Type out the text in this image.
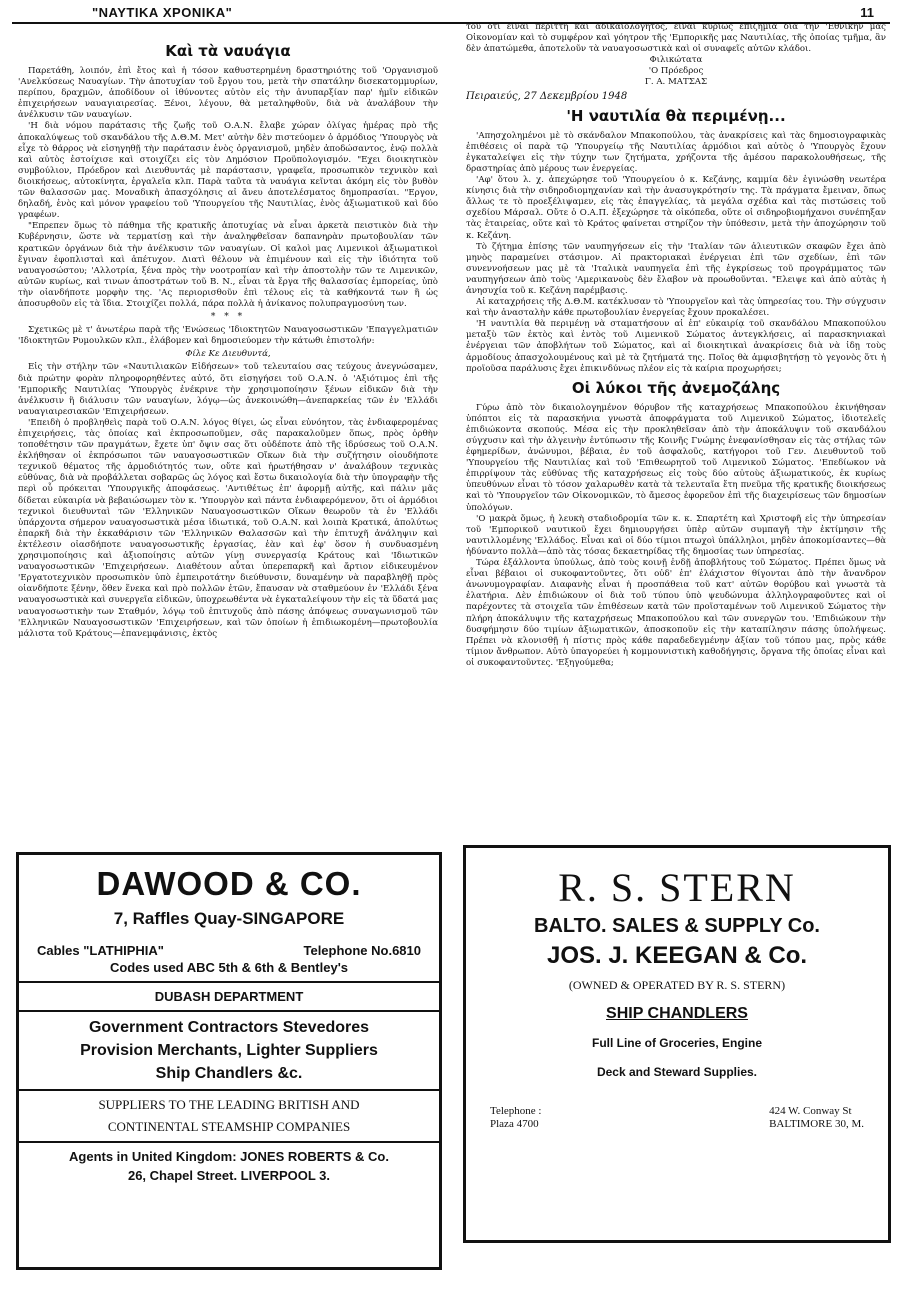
"ΝΑΥΤΙΚΑ ΧΡΟΝΙΚΑ"	11
Καὶ τὰ ναυάγια

Παρετάθη, λοιπόν, ἐπὶ ἔτος καὶ ἡ τόσον καθυστερημένη δραστηριότης τοῦ 'Οργανισμοῦ 'Ανελκύσεως Ναυαγίων. Τὴν ἀποτυχίαν τοῦ ἔργου του, μετὰ τὴν σπατάλην δισεκατομμυρίων, περίπου, δραχμῶν, ἀποδίδουν οἱ ἰθύνοντες αὐτὸν εἰς τὴν ἀνυπαρξίαν παρ' ἡμῖν εἰδικῶν ἐπιχειρήσεων ναυαγιαιρεσίας. Ξένοι, λέγουν, θὰ μεταληφθοῦν, διὰ νὰ ἀναλάβουν τὴν ἀνέλκυσιν τῶν ναυαγίων.

'Η διὰ νόμου παράτασις τῆς ζωῆς τοῦ Ο.Α.Ν. ἔλαβε χώραν ὀλίγας ἡμέρας πρὸ τῆς ἀποκαλύψεως τοῦ σκανδάλου τῆς Δ.Θ.Μ. Μετ' αὐτὴν δὲν πιστεύομεν ὁ ἁρμόδιος 'Υπουργὸς νὰ εἶχε τὸ θάρρος νὰ εἰσηγηθῇ τὴν παράτασιν ἑνὸς ὀργανισμοῦ, μηδὲν ἀποδώσαντος, ἐνῷ πολλὰ καὶ αὐτὸς ἐστοίχισε καὶ στοιχίζει εἰς τὸν Δημόσιον Προϋπολογισμόν. "Εχει διοικητικὸν συμβούλιον, Πρόεδρον καὶ Διευθυντάς μὲ παράστασιν, γραφεῖα, προσωπικὸν τεχνικὸν καὶ διοικήσεως, αὐτοκίνητα, ἐργαλεῖα κλπ. Παρὰ ταῦτα τὰ ναυάγια κεῖνται ἀκόμη εἰς τὸν βυθὸν τῶν θαλασσῶν μας. Μοναδικὴ ἀπασχόλησις αἱ ἄνευ ἀποτελέσματος δημοπρασίαι. "Εργον, δηλαδή, ἑνὸς καὶ μόνον γραφείου τοῦ 'Υπουργείου τῆς Ναυτιλίας, ἑνὸς ἀξιωματικοῦ καὶ δύο γραφέων.

"Επρεπεν ὅμως τὸ πάθημα τῆς κρατικῆς ἀποτυχίας νὰ εἶναι ἀρκετὰ πειστικὸν διὰ τὴν Κυβέρνησιν, ὥστε νὰ τερματίσῃ καὶ τὴν ἀναληφθεῖσαν δαπανηρὰν πρωτοβουλίαν τῶν κρατικῶν ὀργάνων διὰ τὴν ἀνέλκυσιν τῶν ναυαγίων. Οἱ καλοὶ μας Λιμενικοὶ ἀξιωματικοὶ ἔγιναν ἐφοπλισταὶ καὶ ἀπέτυχον. Διατὶ θέλουν νὰ ἐπιμένουν καὶ εἰς τὴν ἰδιότητα τοῦ ναυαγοσώστου; 'Αλλοτρία, ξένα πρὸς τὴν νοοτροπίαν καὶ τὴν ἀποστολὴν τῶν τε Λιμενικῶν, αὐτῶν κυρίως, καὶ τινων ἀποστράτων τοῦ Β. Ν., εἶναι τὰ ἔργα τῆς θαλασσίας ἐμπορείας, ὑπὸ τὴν οἱανδήποτε μορφὴν της. 'Ας περιορισθοῦν ἐπὶ τέλους εἰς τὰ καθήκοντά των ἢ ὡς ἀποσυρθοῦν εἰς τὰ ἴδια. Στοιχίζει πολλά, πάρα πολλὰ ἡ ἀνίκανος πολυπραγμοσύνη των.

* * *

Σχετικῶς μὲ τ' ἀνωτέρω παρὰ τῆς 'Ενώσεως 'Ιδιοκτητῶν Ναυαγοσωστικῶν 'Επαγγελματιῶν 'Ιδιοκτητῶν Ρυμουλκῶν κλπ., ἐλάβομεν καὶ δημοσιεύομεν τὴν κάτωθι ἐπιστολήν:

Φίλε Κε Διευθυντά,

Εἰς τὴν στήλην τῶν «Ναυτιλιακῶν Εἰδήσεων» τοῦ τελευταίου σας τεύχους ἀνεγνώσαμεν, διὰ πρώτην φορὰν πληροφορηθέντες αὐτό, ὅτι εἰσηγήσει τοῦ Ο.Α.Ν. ὁ 'Αξιότιμος ἐπὶ τῆς 'Εμπορικῆς Ναυτιλίας 'Υπουργὸς ἐνέκρινε τὴν χρησιμοποίησιν ξένων εἰδικῶν διὰ τὴν ἀνέλκυσιν ἢ διάλυσιν τῶν ναυαγίων, λόγῳ—ὡς ἀνεκοινώθη—ἀνεπαρκείας τῶν ἐν 'Ελλάδι ναυαγιαιρεσιακῶν 'Επιχειρήσεων.

'Επειδὴ ὁ προβληθεὶς παρὰ τοῦ Ο.Α.Ν. λόγος θίγει, ὡς εἶναι εὐνόητον, τὰς ἐνδιαφερομένας ἐπιχειρήσεις, τὰς ὁποίας καὶ ἐκπροσωποῦμεν, σᾶς παρακαλοῦμεν ὅπως, πρὸς ὀρθὴν τοποθέτησιν τῶν πραγμάτων, ἔχετε ὑπ' ὄψιν σας ὅτι οὐδέποτε ἀπὸ τῆς ἱδρύσεως τοῦ Ο.Α.Ν. ἐκλήθησαν οἱ ἐκπρόσωποι τῶν ναυαγοσωστικῶν Οἴκων διὰ τὴν συζήτησιν οἱουδήποτε τεχνικοῦ θέματος τῆς ἁρμοδιότητός των, οὔτε καὶ ἠρωτήθησαν ν' ἀναλάβουν τεχνικὰς εὐθύνας, διὰ νὰ προβάλλεται σοβαρῶς ὡς λόγος καὶ ἔστω δικαιολογία διὰ τὴν ὑπογραφὴν τῆς περὶ οὗ πρόκειται 'Υπουργικῆς ἀποφάσεως. 'Αντιθέτως ἐπ' ἀφορμῇ αὐτῆς, καὶ πάλιν μᾶς δίδεται εὐκαιρία νὰ βεβαιώσωμεν τὸν κ. 'Υπουργὸν καὶ πάντα ἐνδιαφερόμενον, ὅτι οἱ ἁρμόδιοι τεχνικοὶ διευθυνταὶ τῶν 'Ελληνικῶν Ναυαγοσωστικῶν Οἴκων θεωροῦν τὰ ἐν 'Ελλάδι ὑπάρχοντα σήμερον ναυαγοσωστικὰ μέσα ἰδιωτικά, τοῦ Ο.Α.Ν. καὶ λοιπὰ Κρατικά, ἀπολύτως ἐπαρκῆ διὰ τὴν ἐκκαθάρισιν τῶν 'Ελληνικῶν Θαλασσῶν καὶ τὴν ἐπιτυχῆ ἀνάληψιν καὶ ἐκτέλεσιν οἱασδήποτε ναυαγοσωστικῆς ἐργασίας, ἐὰν καὶ ἐφ' ὅσον ἡ συνδυασμένη χρησιμοποίησις καὶ ἀξιοποίησις αὐτῶν γίνῃ συνεργασίᾳ Κράτους καὶ 'Ιδιωτικῶν ναυαγοσωστικῶν 'Επιχειρήσεων. Διαθέτουν αὗται ὑπερεπαρκῆ καὶ ἄρτιον εἰδικευμένον 'Εργατοτεχνικὸν προσωπικὸν ὑπὸ ἐμπειροτάτην διεύθυνσιν, δυναμένην νὰ παραβληθῇ πρὸς οἱανδήποτε ξένην, ὅθεν ἕνεκα καὶ πρὸ πολλῶν ἐτῶν, ἔπαυσαν νὰ σταθμεύουν ἐν 'Ελλάδι ξένα ναυαγοσωστικὰ καὶ συνεργεῖα εἰδικῶν, ὑποχρεωθέντα νὰ ἐγκαταλείψουν τὴν εἰς τὰ ὕδατά μας ναυαγοσωστικὴν των Σταθμόν, λόγῳ τοῦ ἐπιτυχοῦς ἀπὸ πάσης ἀπόψεως συναγωνισμοῦ τῶν 'Ελληνικῶν Ναυαγοσωστικῶν 'Επιχειρήσεων, καὶ τῶν ὁποίων ἡ ἐπιδιωκομένη—πρωτοβουλία μάλιστα τοῦ Κράτους—ἐπανεμφάνισις, ἐκτὸς

τοῦ ὅτι εἶναι περιττὴ καὶ ἀδικαιολόγητος, εἶναι κυρίως ἐπιζημία διὰ τὴν 'Εθνικὴν μας Οἰκονομίαν καὶ τὸ συμφέρον καὶ γόητρον τῆς 'Εμπορικῆς μας Ναυτιλίας, τῆς ὁποίας τμῆμα, ἂν δὲν ἀπατώμεθα, ἀποτελοῦν τὰ ναυαγοσωστικὰ καὶ οἱ συναφεῖς αὐτῶν κλάδοι.

Φιλικώτατα
'Ο Πρόεδρος
Γ. Α. ΜΑΤΣΑΣ
Πειραιεύς, 27 Δεκεμβρίου 1948
'Η ναυτιλία θὰ περιμένῃ...

'Απησχολημένοι μὲ τὸ σκάνδαλον Μπακοπούλου, τὰς ἀνακρίσεις καὶ τὰς δημοσιογραφικὰς ἐπιθέσεις οἱ παρὰ τῷ 'Υπουργείῳ τῆς Ναυτιλίας ἁρμόδιοι καὶ αὐτὸς ὁ 'Υπουργὸς ἔχουν ἐγκαταλείψει εἰς τὴν τύχην των ζητήματα, χρήζοντα τῆς ἀμέσου παρακολουθήσεως, τῆς δραστηρίας ἀπὸ μέρους των ἐνεργείας.

'Αφ' ὅτου λ. χ. ἀπεχώρησε τοῦ 'Υπουργείου ὁ κ. Κεζάνης, καμμία δὲν ἐγινώσθη νεωτέρα κίνησις διὰ τὴν σιδηροδιομηχανίαν καὶ τὴν ἀνασυγκρότησίν της. Τὰ πράγματα ἔμειναν, ὅπως ἄλλως τε τὸ προεξέλιψαμεν, εἰς τὰς ἐπαγγελίας, τὰ μεγάλα σχέδια καὶ τὰς πιστώσεις τοῦ σχεδίου Μάρσαλ. Οὔτε ὁ Ο.Α.Π. ἐξεχώρησε τὰ οἰκόπεδα, οὔτε οἱ σιδηροβιομήχανοι συνέπηξαν τὰς ἑταιρείας, οὔτε καὶ τὸ Κράτος φαίνεται στηρίζον τὴν ὑπόθεσιν, μετὰ τὴν ἀποχώρησιν τοῦ κ. Κεζάνη.

Τὸ ζήτημα ἐπίσης τῶν ναυπηγήσεων εἰς τὴν 'Ιταλίαν τῶν ἁλιευτικῶν σκαφῶν ἔχει ἀπὸ μηνὸς παραμείνει στάσιμον. Αἱ πρακτοριακαὶ ἐνέργειαι ἐπὶ τῶν σχεδίων, ἐπὶ τῶν συνεννοήσεων μας μὲ τὰ 'Ιταλικὰ ναυπηγεῖα ἐπὶ τῆς ἐγκρίσεως τοῦ προγράμματος τῶν ναυπηγήσεων ἀπὸ τοὺς 'Αμερικανοὺς δὲν ἔλαβον νὰ προωθοῦνται. "Ελειψε καὶ ἀπὸ αὐτὰς ἡ ἀνησυχία τοῦ κ. Κεζάνη παρέμβασις.

Αἱ καταχρήσεις τῆς Δ.Θ.Μ. κατέκλυσαν τὸ 'Υπουργεῖον καὶ τὰς ὑπηρεσίας του. Τὴν σύγχυσιν καὶ τὴν ἀνασταλὴν κάθε πρωτοβουλίαν ἐνεργείας ἔχουν προκαλέσει.

'Η ναυτιλία θὰ περιμένῃ νὰ σταματήσουν αἱ ἐπ' εὐκαιρίᾳ τοῦ σκανδάλου Μπακοπούλου μεταξὺ τῶν ἐκτὸς καὶ ἐντὸς τοῦ Λιμενικοῦ Σώματος ἀντεγκλήσεις, αἱ παρασκηνιακαὶ ἐνέργειαι τῶν ἀποβλήτων τοῦ Σώματος, καὶ αἱ διοικητικαὶ ἀνακρίσεις διὰ νὰ ἰδῃ τοὺς ἁρμοδίους ἀπασχολουμένους καὶ μὲ τὰ ζητήματά της. Ποῖος θὰ ἀμφισβητήσῃ τὸ γεγονὸς ὅτι ἡ προϊοῦσα παράλυσις ἔχει ἐπικινδύνως πλέον εἰς τὰ καίρια προχωρήσει;

Οἱ λύκοι τῆς ἀνεμοζάλης

Γύρω ἀπὸ τὸν δικαιολογημένον θόρυβον τῆς καταχρήσεως Μπακοπούλου ἐκινήθησαν ὑπόπτοι εἰς τὰ παρασκήνια γνωστὰ ἀποφράγματα τοῦ Λιμενικοῦ Σώματος, ἰδιοτελεῖς ἐπιδιώκοντα σκοπούς. Μέσα εἰς τὴν προκληθεῖσαν ἀπὸ τὴν ἀποκάλυψιν τοῦ σκανδάλου σύγχυσιν καὶ τὴν ἀλγεινὴν ἐντύπωσιν τῆς Κοινῆς Γνώμης ἐνεφανίσθησαν εἰς τὰς στήλας τῶν ἐφημερίδων, ἀνώνυμοι, βέβαια, ἐν τοῦ ἀσφαλοῦς, κατήγοροι τοῦ Γεν. Διευθυντοῦ τοῦ 'Υπουργείου τῆς Ναυτιλίας καὶ τοῦ 'Επιθεωρητοῦ τοῦ Λιμενικοῦ Σώματος. 'Επεδίωκον νὰ ἐπιρρίψουν τὰς εὐθύνας τῆς καταχρήσεως εἰς τοὺς δύο αὐτοὺς ἀξιωματικούς, ἐκ κυρίως ὑπευθύνων εἶναι τὸ τόσον χαλαρωθὲν κατὰ τὰ τελευταῖα ἔτη πνεῦμα τῆς κρατικῆς διοικήσεως καὶ τὸ 'Υπουργεῖον τῶν Οἰκονομικῶν, τὸ ἄμεσος ἐφορεῦον ἐπὶ τῆς διαχειρίσεως τῶν δημοσίων ὑπολόγων.

'Ο μακρὰ ὅμως, ἡ λευκὴ σταδιοδρομία τῶν κ. κ. Σπαρτέτη καὶ Χριστοφῆ εἰς τὴν ὑπηρεσίαν τοῦ 'Εμπορικοῦ ναυτικοῦ ἔχει δημιουργήσει ὑπὲρ αὐτῶν συμπαγῆ τὴν ἐκτίμησιν τῆς ναυτιλλομένης 'Ελλάδος. Εἶναι καὶ οἱ δύο τίμιοι πτωχοὶ ὑπάλληλοι, μηδὲν ἀποκομίσαντες—θὰ ἠδύναντο πολλὰ—ἀπὸ τὰς τόσας δεκαετηρίδας τῆς δημοσίας των ὑπηρεσίας.

Τώρα ἐξάλλοντα ὑπούλως, ἀπὸ τοὺς κοινῇ ἐνδῇ ἀποβλήτους τοῦ Σώματος. Πρέπει ὅμως νὰ εἶναι βέβαιοι οἱ συκοφαντοῦντες, ὅτι οὐδ' ἐπ' ἐλάχιστον θίγονται ἀπὸ τὴν ἄνανδρον ἀνωνυμογραφίαν. Διαφανὴς εἶναι ἡ προσπάθεια τοῦ κατ' αὐτῶν θορύβου καὶ γνωστὰ τὰ ἐλατήρια. Δὲν ἐπιδιώκουν οἱ διὰ τοῦ τύπου ὑπὸ ψευδώνυμα ἀλληλογραφοῦντες καὶ οἱ παρέχοντες τὰ στοιχεῖα τῶν ἐπιθέσεων κατὰ τῶν προϊσταμένων τοῦ Λιμενικοῦ Σώματος τὴν πλήρη ἀποκάλυψιν τῆς καταχρήσεως Μπακοπούλου καὶ τῶν συνεργῶν του. 'Επιδιώκουν τὴν δυσφήμησιν δύο τιμίων ἀξιωματικῶν, ἀποσκοποῦν εἰς τὴν καταπίλησιν πάσης ὑπολήψεως. Πρέπει νὰ κλονισθῇ ἡ πίστις πρὸς κάθε παραδεδεγμένην ἀξίαν τοῦ τόπου μας, πρὸς κάθε τίμιον ἄνθρωπον. Αὐτὸ ὑπαγορεύει ἡ κομμουνιστικὴ καθοδήγησις, ὄργανα τῆς ὁποίας εἶναι καὶ οἱ συκοφαντοῦντες. 'Εξηγούμεθα;

DAWOOD & CO.
7, Raffles Quay-SINGAPORE
Cables "LATHIPHIA"	Telephone No.6810
Codes used ABC 5th & 6th & Bentley's
DUBASH DEPARTMENT
Government Contractors Stevedores
Provision Merchants, Lighter Suppliers
Ship Chandlers &c.
SUPPLIERS TO THE LEADING BRITISH AND
CONTINENTAL STEAMSHIP COMPANIES
Agents in United Kingdom: JONES ROBERTS & Co.
26, Chapel Street. LIVERPOOL 3.
R. S. STERN
BALTO. SALES & SUPPLY Co.
JOS. J. KEEGAN & Co.
(OWNED & OPERATED BY R. S. STERN)
SHIP CHANDLERS
Full Line of Groceries, Engine
Deck and Steward Supplies.
Telephone :
Plaza 4700
424 W. Conway St
BALTIMORE 30, M.
